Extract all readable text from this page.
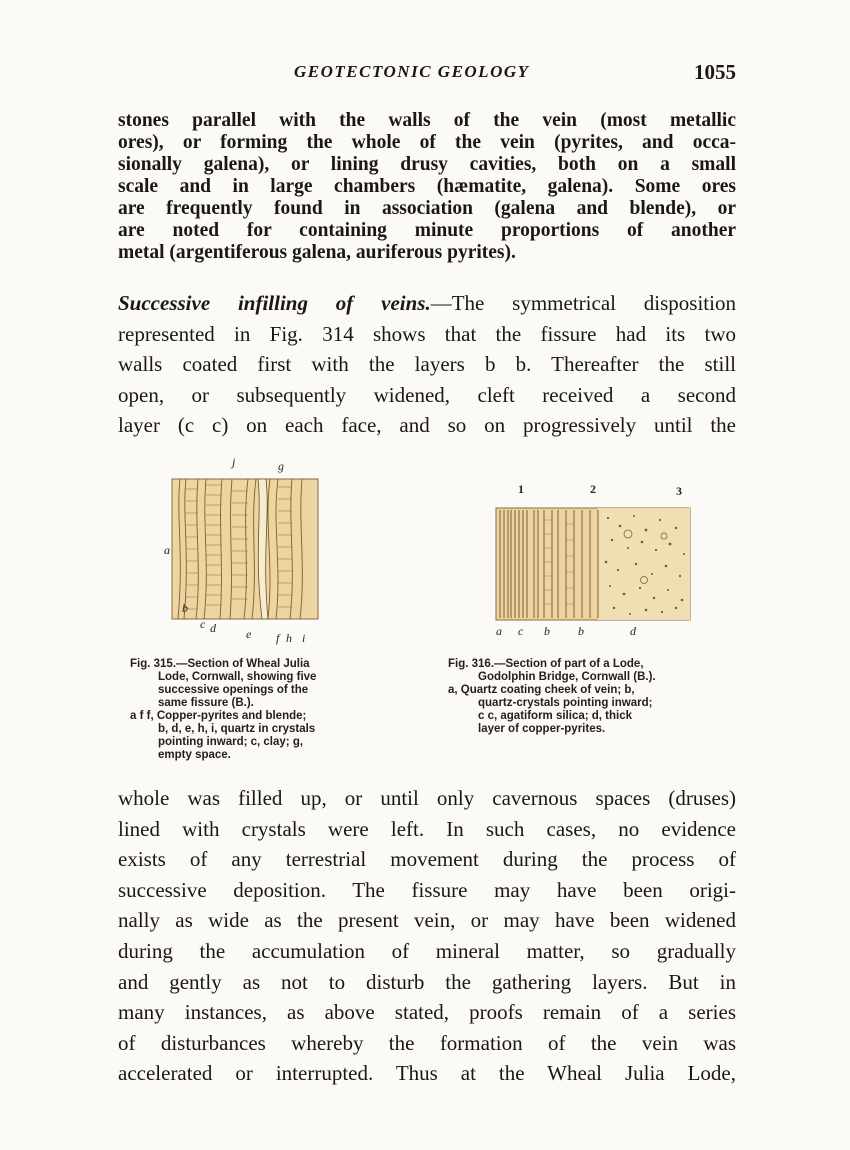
GEOTECTONIC GEOLOGY	1055

stones parallel with the walls of the vein (most metallic
ores), or forming the whole of the vein (pyrites, and occa-
sionally galena), or lining drusy cavities, both on a small
scale and in large chambers (hæmatite, galena). Some ores
are frequently found in association (galena and blende), or
are noted for containing minute proportions of another
metal (argentiferous galena, auriferous pyrites).

Successive infilling of veins.—The symmetrical disposition
represented in Fig. 314 shows that the fissure had its two
walls coated first with the layers b b. Thereafter the still
open, or subsequently widened, cleft received a second
layer (c c) on each face, and so on progressively until the

j	g
a
b
c d	e f h i
Fig. 315.—Section of Wheal Julia
Lode, Cornwall, showing five
successive openings of the
same fissure (B.).
a f f, Copper-pyrites and blende;
b, d, e, h, i, quartz in crystals
pointing inward; c, clay; g,
empty space.
1	2	3
a c b b	d
Fig. 316.—Section of part of a Lode,
Godolphin Bridge, Cornwall (B.).
a, Quartz coating cheek of vein; b,
quartz-crystals pointing inward;
c c, agatiform silica; d, thick
layer of copper-pyrites.

whole was filled up, or until only cavernous spaces (druses)
lined with crystals were left. In such cases, no evidence
exists of any terrestrial movement during the process of
successive deposition. The fissure may have been origi-
nally as wide as the present vein, or may have been widened
during the accumulation of mineral matter, so gradually
and gently as not to disturb the gathering layers. But in
many instances, as above stated, proofs remain of a series
of disturbances whereby the formation of the vein was
accelerated or interrupted. Thus at the Wheal Julia Lode,
